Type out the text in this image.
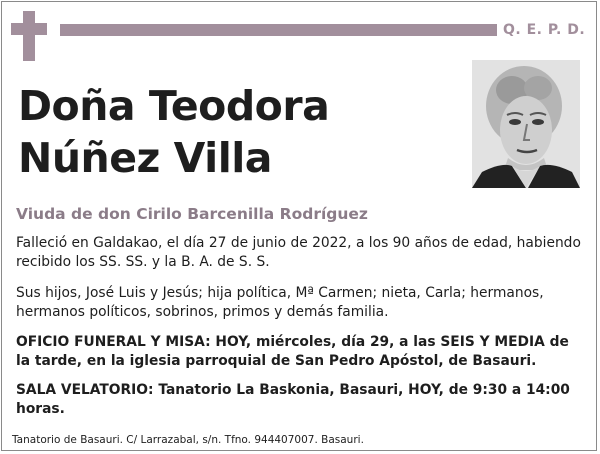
Q. E. P. D.
Doña Teodora
Núñez Villa
Viuda de don Cirilo Barcenilla Rodríguez
Falleció en Galdakao, el día 27 de junio de 2022, a los 90 años de edad, habiendo recibido los SS. SS. y la B. A. de S. S.
Sus hijos, José Luis y Jesús; hija política, Mª Carmen; nieta, Carla; hermanos, hermanos políticos, sobrinos, primos y demás familia.
OFICIO FUNERAL Y MISA: HOY, miércoles, día 29, a las SEIS Y MEDIA de la tarde, en la iglesia parroquial de San Pedro Apóstol, de Basauri.
SALA VELATORIO: Tanatorio La Baskonia, Basauri, HOY, de 9:30 a 14:00 horas.
Tanatorio de Basauri. C/ Larrazabal, s/n. Tfno. 944407007. Basauri.
